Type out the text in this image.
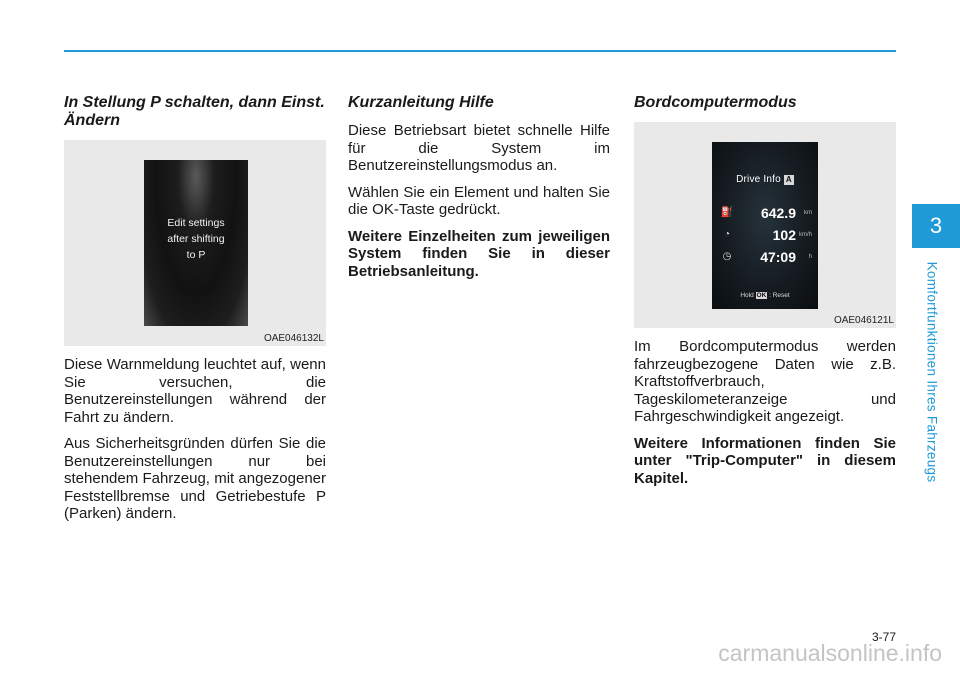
In Stellung P schalten, dann Einst. Ändern
Edit settings
after shifting
to P
OAE046132L

Diese Warnmeldung leuchtet auf, wenn Sie versuchen, die Benutzereinstellungen während der Fahrt zu ändern.

Aus Sicherheitsgründen dürfen Sie die Benutzereinstellungen nur bei stehendem Fahrzeug, mit angezogener Feststellbremse und Getriebestufe P (Parken) ändern.

Kurzanleitung Hilfe

Diese Betriebsart bietet schnelle Hilfe für die System im Benutzereinstellungsmodus an.

Wählen Sie ein Element und halten Sie die OK-Taste gedrückt.

Weitere Einzelheiten zum jeweiligen System finden Sie in dieser Betriebsanleitung.

Bordcomputermodus
Drive Info A
⛽ 642.9 km
◔	102 km/h
◷ 47:09 h
Hold OK : Reset
OAE046121L

Im Bordcomputermodus werden fahrzeugbezogene Daten wie z.B. Kraftstoffverbrauch, Tageskilometeranzeige und Fahrgeschwindigkeit angezeigt.

Weitere Informationen finden Sie unter "Trip-Computer" in diesem Kapitel.

3
Komfortfunktionen Ihres Fahrzeugs
3-77
carmanualsonline.info
